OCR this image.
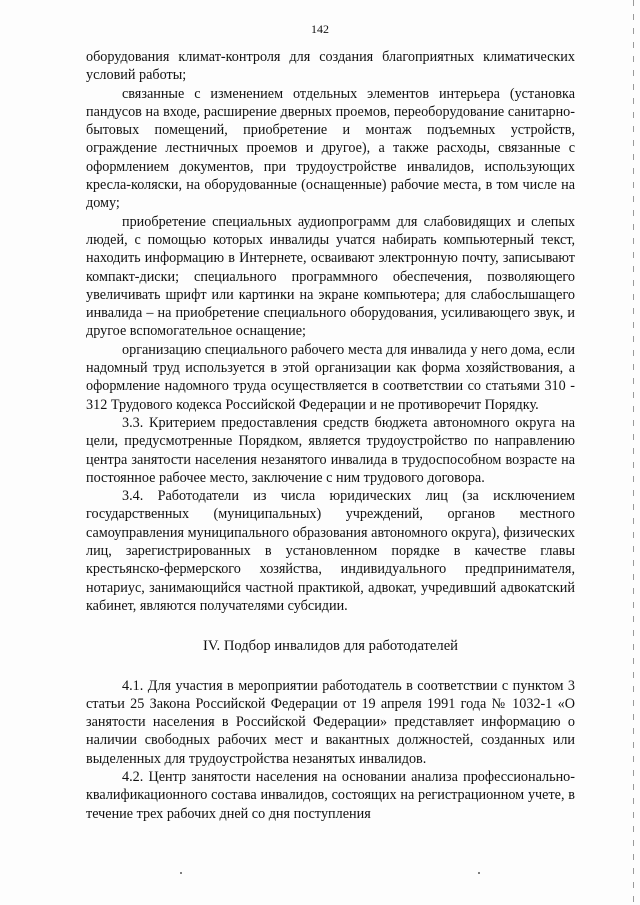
142

оборудования климат-контроля для создания благоприятных климатических условий работы;

связанные с изменением отдельных элементов интерьера (установка пандусов на входе, расширение дверных проемов, переоборудование санитарно-бытовых помещений, приобретение и монтаж подъемных устройств, ограждение лестничных проемов и другое), а также расходы, связанные с оформлением документов, при трудоустройстве инвалидов, использующих кресла-коляски, на оборудованные (оснащенные) рабочие места, в том числе на дому;

приобретение специальных аудиопрограмм для слабовидящих и слепых людей, с помощью которых инвалиды учатся набирать компьютерный текст, находить информацию в Интернете, осваивают электронную почту, записывают компакт-диски; специального программного обеспечения, позволяющего увеличивать шрифт или картинки на экране компьютера; для слабослышащего инвалида – на приобретение специального оборудования, усиливающего звук, и другое вспомогательное оснащение;

организацию специального рабочего места для инвалида у него дома, если надомный труд используется в этой организации как форма хозяйствования, а оформление надомного труда осуществляется в соответствии со статьями 310 - 312 Трудового кодекса Российской Федерации и не противоречит Порядку.

3.3. Критерием предоставления средств бюджета автономного округа на цели, предусмотренные Порядком, является трудоустройство по направлению центра занятости населения незанятого инвалида в трудоспособном возрасте на постоянное рабочее место, заключение с ним трудового договора.

3.4. Работодатели из числа юридических лиц (за исключением государственных (муниципальных) учреждений, органов местного самоуправления муниципального образования автономного округа), физических лиц, зарегистрированных в установленном порядке в качестве главы крестьянско-фермерского хозяйства, индивидуального предпринимателя, нотариус, занимающийся частной практикой, адвокат, учредивший адвокатский кабинет, являются получателями субсидии.

IV. Подбор инвалидов для работодателей

4.1. Для участия в мероприятии работодатель в соответствии с пунктом 3 статьи 25 Закона Российской Федерации от 19 апреля 1991 года № 1032-1 «О занятости населения в Российской Федерации» представляет информацию о наличии свободных рабочих мест и вакантных должностей, созданных или выделенных для трудоустройства незанятых инвалидов.

4.2. Центр занятости населения на основании анализа профессионально-квалификационного состава инвалидов, состоящих на регистрационном учете, в течение трех рабочих дней со дня поступления
